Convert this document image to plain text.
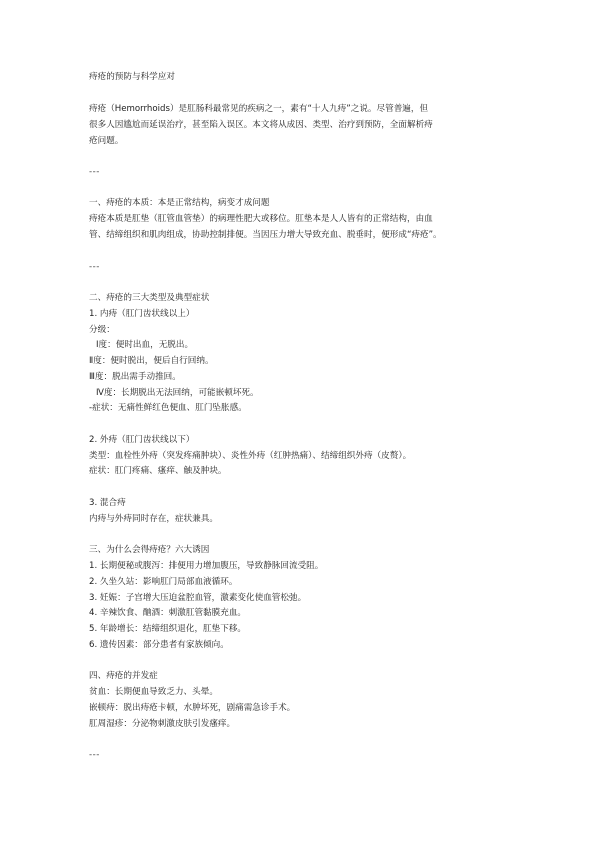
痔疮的预防与科学应对
痔疮（Hemorrhoids）是肛肠科最常见的疾病之一，素有“十人九痔”之说。尽管普遍，但
很多人因尴尬而延误治疗，甚至陷入误区。本文将从成因、类型、治疗到预防，全面解析痔
疮问题。
---
一、痔疮的本质：本是正常结构，病变才成问题
痔疮本质是肛垫（肛管血管垫）的病理性肥大或移位。肛垫本是人人皆有的正常结构，由血
管、结缔组织和肌肉组成，协助控制排便。当因压力增大导致充血、脱垂时，便形成“痔疮”。
---
二、痔疮的三大类型及典型症状
1. 内痔（肛门齿状线以上）
分级：
Ⅰ度：便时出血，无脱出。
Ⅱ度：便时脱出，便后自行回纳。
Ⅲ度：脱出需手动推回。
Ⅳ度：长期脱出无法回纳，可能嵌顿坏死。
-症状：无痛性鲜红色便血、肛门坠胀感。
2. 外痔（肛门齿状线以下）
类型：血栓性外痔（突发疼痛肿块）、炎性外痔（红肿热痛）、结缔组织外痔（皮赘）。
症状：肛门疼痛、瘙痒、触及肿块。
3. 混合痔
内痔与外痔同时存在，症状兼具。
三、为什么会得痔疮？六大诱因
1. 长期便秘或腹泻：排便用力增加腹压，导致静脉回流受阻。
2. 久坐久站：影响肛门局部血液循环。
3. 妊娠：子宫增大压迫盆腔血管，激素变化使血管松弛。
4. 辛辣饮食、酗酒：刺激肛管黏膜充血。
5. 年龄增长：结缔组织退化，肛垫下移。
6. 遗传因素：部分患者有家族倾向。
四、痔疮的并发症
贫血：长期便血导致乏力、头晕。
嵌顿痔：脱出痔疮卡顿，水肿坏死，剧痛需急诊手术。
肛周湿疹：分泌物刺激皮肤引发瘙痒。
---
